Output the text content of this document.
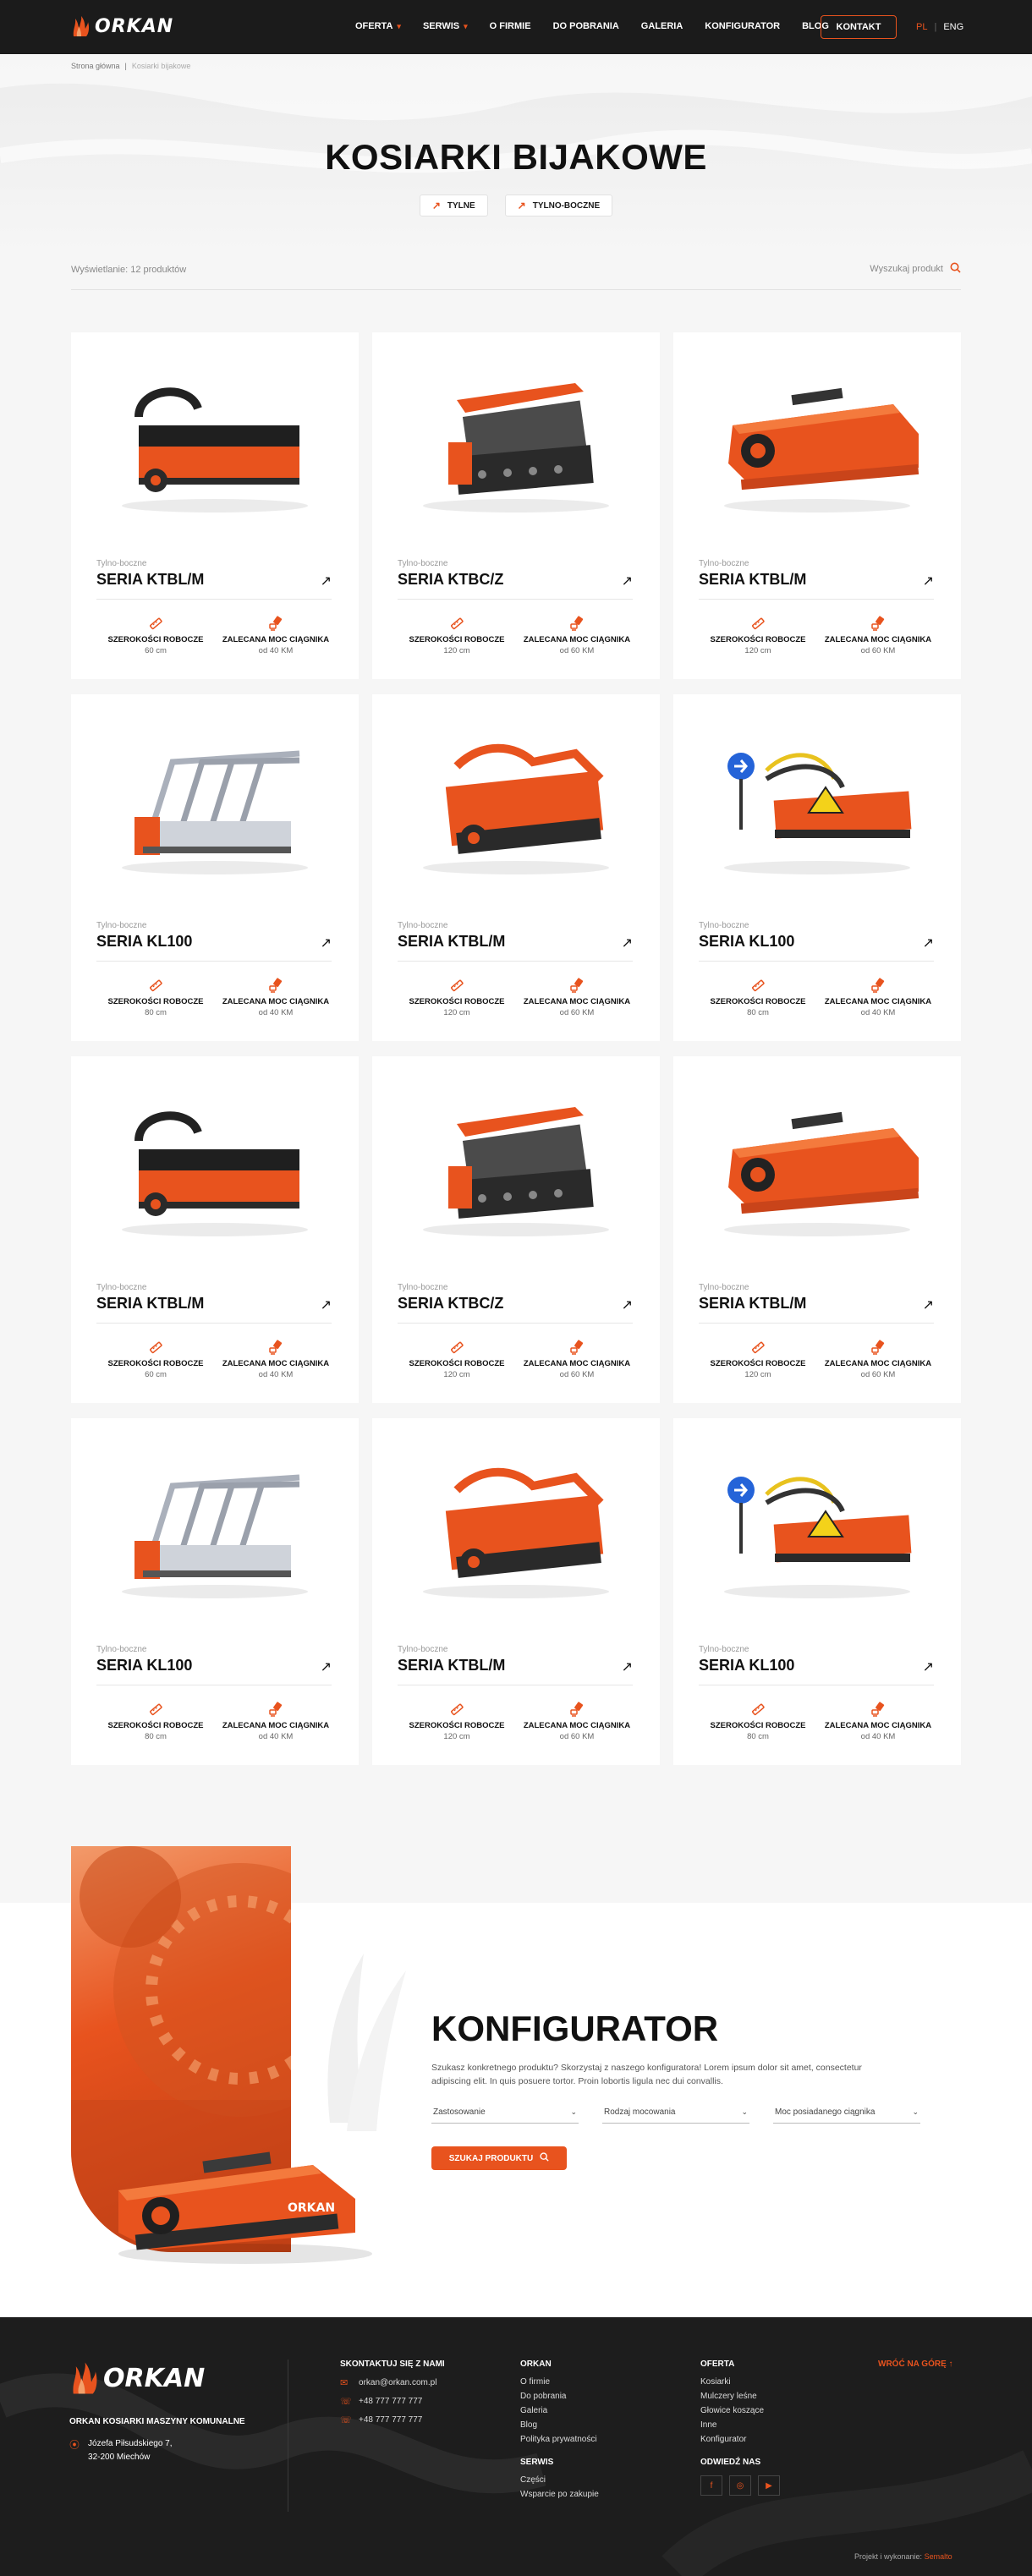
ORKAN	OFERTA ▾ SERWIS ▾ O FIRMIE DO POBRANIA GALERIA KONFIGURATOR BLOG KONTAKT	PL | ENG
Strona główna | Kosiarki bijakowe
KOSIARKI BIJAKOWE
↗ TYLNE	↗ TYLNO-BOCZNE
Wyświetlanie: 12 produktów	Wyszukaj produkt
Tylno-boczne
SERIA KTBL/M	↗
SZEROKOŚCI ROBOCZE
60 cm
ZALECANA MOC CIĄGNIKA
od 40 KM
Tylno-boczne
SERIA KTBC/Z	↗
SZEROKOŚCI ROBOCZE
120 cm
ZALECANA MOC CIĄGNIKA
od 60 KM
Tylno-boczne
SERIA KTBL/M	↗
SZEROKOŚCI ROBOCZE
120 cm
ZALECANA MOC CIĄGNIKA
od 60 KM
Tylno-boczne
SERIA KL100	↗
SZEROKOŚCI ROBOCZE
80 cm
ZALECANA MOC CIĄGNIKA
od 40 KM
Tylno-boczne
SERIA KTBL/M	↗
SZEROKOŚCI ROBOCZE
120 cm
ZALECANA MOC CIĄGNIKA
od 60 KM
Tylno-boczne
SERIA KL100	↗
SZEROKOŚCI ROBOCZE
80 cm
ZALECANA MOC CIĄGNIKA
od 40 KM
Tylno-boczne
SERIA KTBL/M	↗
SZEROKOŚCI ROBOCZE
60 cm
ZALECANA MOC CIĄGNIKA
od 40 KM
Tylno-boczne
SERIA KTBC/Z	↗
SZEROKOŚCI ROBOCZE
120 cm
ZALECANA MOC CIĄGNIKA
od 60 KM
Tylno-boczne
SERIA KTBL/M	↗
SZEROKOŚCI ROBOCZE
120 cm
ZALECANA MOC CIĄGNIKA
od 60 KM
Tylno-boczne
SERIA KL100	↗
SZEROKOŚCI ROBOCZE
80 cm
ZALECANA MOC CIĄGNIKA
od 40 KM
Tylno-boczne
SERIA KTBL/M	↗
SZEROKOŚCI ROBOCZE
120 cm
ZALECANA MOC CIĄGNIKA
od 60 KM
Tylno-boczne
SERIA KL100	↗
SZEROKOŚCI ROBOCZE
80 cm
ZALECANA MOC CIĄGNIKA
od 40 KM
ORKAN
KONFIGURATOR
Szukasz konkretnego produktu? Skorzystaj z naszego konfiguratora! Lorem ipsum dolor sit amet, consectetur adipiscing elit. In quis posuere tortor. Proin lobortis ligula nec dui convallis.
Zastosowanie	⌄	Rodzaj mocowania	⌄	Moc posiadanego ciągnika	⌄
SZUKAJ PRODUKTU
ORKAN
ORKAN KOSIARKI MASZYNY KOMUNALNE
⦿ Józefa Piłsudskiego 7,
32-200 Miechów
SKONTAKTUJ SIĘ Z NAMI
✉ orkan@orkan.com.pl
☏ +48 777 777 777
☏ +48 777 777 777
ORKAN
O firmie
Do pobrania
Galeria
Blog
Polityka prywatności
SERWIS
Części
Wsparcie po zakupie
OFERTA
Kosiarki
Mulczery leśne
Głowice koszące
Inne
Konfigurator
ODWIEDŹ NAS
f	◎	▶
WRÓĆ NA GÓRĘ ↑
Projekt i wykonanie: Semalto
